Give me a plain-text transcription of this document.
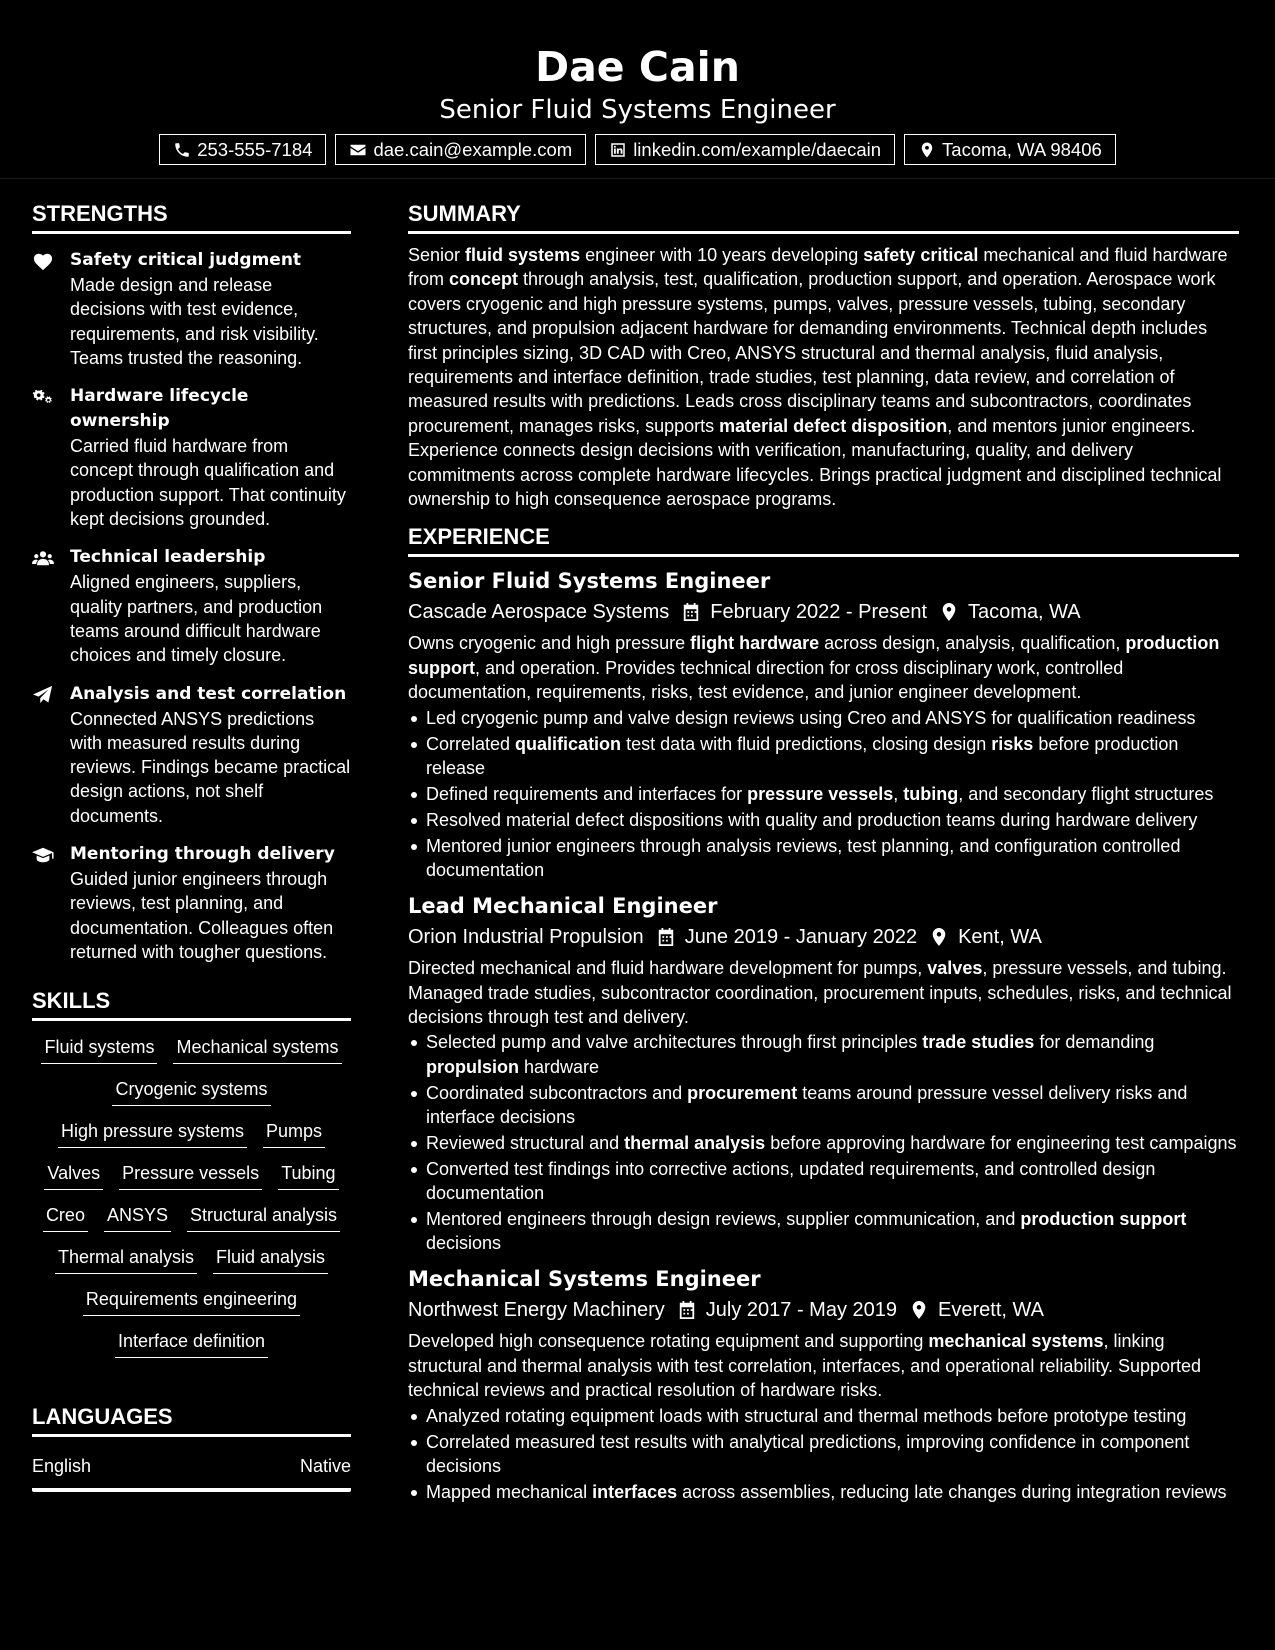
Dae Cain
Senior Fluid Systems Engineer
253-555-7184	dae.cain@example.com	linkedin.com/example/daecain	Tacoma, WA 98406
STRENGTHS
Safety critical judgment
Made design and release decisions with test evidence, requirements, and risk visibility. Teams trusted the reasoning.
Hardware lifecycle ownership
Carried fluid hardware from concept through qualification and production support. That continuity kept decisions grounded.
Technical leadership
Aligned engineers, suppliers, quality partners, and production teams around difficult hardware choices and timely closure.
Analysis and test correlation
Connected ANSYS predictions with measured results during reviews. Findings became practical design actions, not shelf documents.
Mentoring through delivery
Guided junior engineers through reviews, test planning, and documentation. Colleagues often returned with tougher questions.
SKILLS
Fluid systems Mechanical systems
Cryogenic systems
High pressure systems Pumps
Valves Pressure vessels Tubing
Creo ANSYS Structural analysis
Thermal analysis Fluid analysis
Requirements engineering
Interface definition
LANGUAGES
English	Native
SUMMARY
Senior fluid systems engineer with 10 years developing safety critical mechanical and fluid hardware from concept through analysis, test, qualification, production support, and operation. Aerospace work covers cryogenic and high pressure systems, pumps, valves, pressure vessels, tubing, secondary structures, and propulsion adjacent hardware for demanding environments. Technical depth includes first principles sizing, 3D CAD with Creo, ANSYS structural and thermal analysis, fluid analysis, requirements and interface definition, trade studies, test planning, data review, and correlation of measured results with predictions. Leads cross disciplinary teams and subcontractors, coordinates procurement, manages risks, supports material defect disposition, and mentors junior engineers. Experience connects design decisions with verification, manufacturing, quality, and delivery commitments across complete hardware lifecycles. Brings practical judgment and disciplined technical ownership to high consequence aerospace programs.
EXPERIENCE
Senior Fluid Systems Engineer
Cascade Aerospace Systems February 2022 - Present Tacoma, WA
Owns cryogenic and high pressure flight hardware across design, analysis, qualification, production support, and operation. Provides technical direction for cross disciplinary work, controlled documentation, requirements, risks, test evidence, and junior engineer development.
Led cryogenic pump and valve design reviews using Creo and ANSYS for qualification readiness
Correlated qualification test data with fluid predictions, closing design risks before production release
Defined requirements and interfaces for pressure vessels, tubing, and secondary flight structures
Resolved material defect dispositions with quality and production teams during hardware delivery
Mentored junior engineers through analysis reviews, test planning, and configuration controlled documentation
Lead Mechanical Engineer
Orion Industrial Propulsion June 2019 - January 2022 Kent, WA
Directed mechanical and fluid hardware development for pumps, valves, pressure vessels, and tubing. Managed trade studies, subcontractor coordination, procurement inputs, schedules, risks, and technical decisions through test and delivery.
Selected pump and valve architectures through first principles trade studies for demanding propulsion hardware
Coordinated subcontractors and procurement teams around pressure vessel delivery risks and interface decisions
Reviewed structural and thermal analysis before approving hardware for engineering test campaigns
Converted test findings into corrective actions, updated requirements, and controlled design documentation
Mentored engineers through design reviews, supplier communication, and production support decisions
Mechanical Systems Engineer
Northwest Energy Machinery July 2017 - May 2019 Everett, WA
Developed high consequence rotating equipment and supporting mechanical systems, linking structural and thermal analysis with test correlation, interfaces, and operational reliability. Supported technical reviews and practical resolution of hardware risks.
Analyzed rotating equipment loads with structural and thermal methods before prototype testing
Correlated measured test results with analytical predictions, improving confidence in component decisions
Mapped mechanical interfaces across assemblies, reducing late changes during integration reviews
